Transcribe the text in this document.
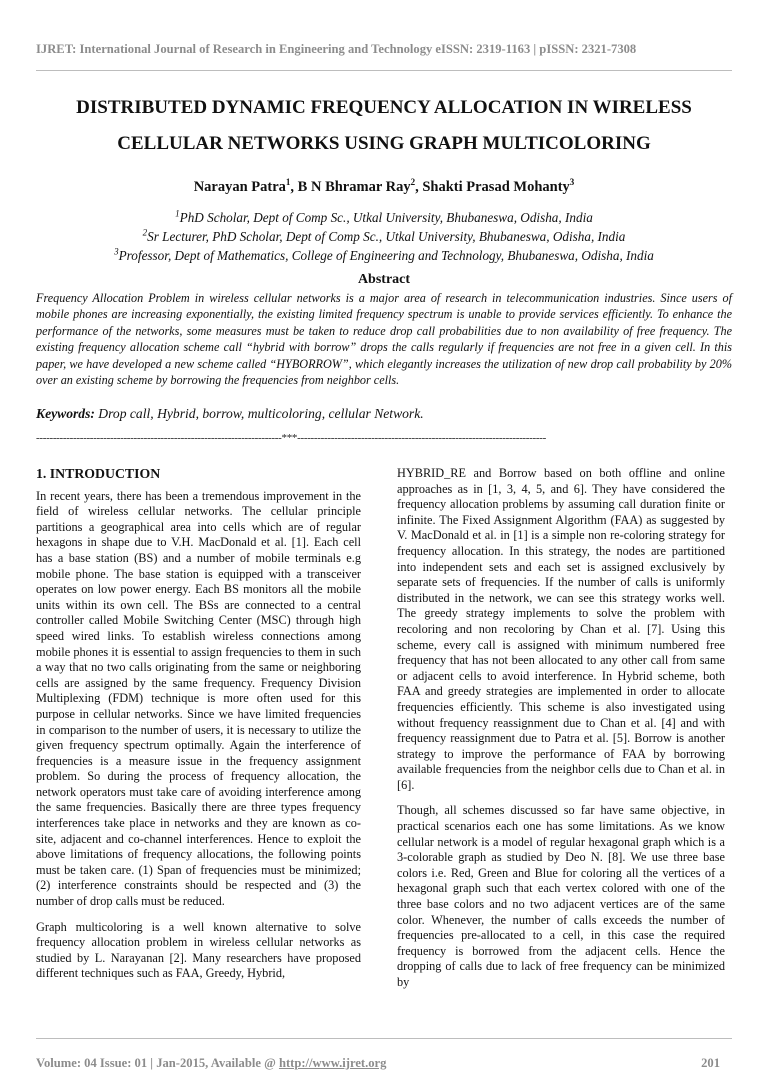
IJRET: International Journal of Research in Engineering and Technology eISSN: 2319-1163 | pISSN: 2321-7308
DISTRIBUTED DYNAMIC FREQUENCY ALLOCATION IN WIRELESS
CELLULAR NETWORKS USING GRAPH MULTICOLORING
Narayan Patra$^1$, B N Bhramar Ray$^2$, Shakti Prasad Mohanty$^3$
$^1$PhD Scholar, Dept of Comp Sc., Utkal University, Bhubaneswa, Odisha, India
$^2$Sr Lecturer, PhD Scholar, Dept of Comp Sc., Utkal University, Bhubaneswa, Odisha, India
$^3$Professor, Dept of Mathematics, College of Engineering and Technology, Bhubaneswa, Odisha, India
Abstract

Frequency Allocation Problem in wireless cellular networks is a major area of research in telecommunication industries. Since users of mobile phones are increasing exponentially, the existing limited frequency spectrum is unable to provide services efficiently. To enhance the performance of the networks, some measures must be taken to reduce drop call probabilities due to non availability of free frequency. The existing frequency allocation scheme call “hybrid with borrow” drops the calls regularly if frequencies are not free in a given cell. In this paper, we have developed a new scheme called “HYBORROW”, which elegantly increases the utilization of new drop call probability by 20% over an existing scheme by borrowing the frequencies from neighbor cells.

Keywords: Drop call, Hybrid, borrow, multicoloring, cellular Network.
-------------------------------------------------------------------------***--------------------------------------------------------------------------

1. INTRODUCTION

In recent years, there has been a tremendous improvement in the field of wireless cellular networks. The cellular principle partitions a geographical area into cells which are of regular hexagons in shape due to V.H. MacDonald et al. [1]. Each cell has a base station (BS) and a number of mobile terminals e.g mobile phone. The base station is equipped with a transceiver operates on low power energy. Each BS monitors all the mobile units within its own cell. The BSs are connected to a central controller called Mobile Switching Center (MSC) through high speed wired links. To establish wireless connections among mobile phones it is essential to assign frequencies to them in such a way that no two calls originating from the same or neighboring cells are assigned by the same frequency. Frequency Division Multiplexing (FDM) technique is more often used for this purpose in cellular networks. Since we have limited frequencies in comparison to the number of users, it is necessary to utilize the given frequency spectrum optimally. Again the interference of frequencies is a measure issue in the frequency assignment problem. So during the process of frequency allocation, the network operators must take care of avoiding interference among the same frequencies. Basically there are three types frequency interferences take place in networks and they are known as co-site, adjacent and co-channel interferences. Hence to exploit the above limitations of frequency allocations, the following points must be taken care. (1) Span of frequencies must be minimized; (2) interference constraints should be respected and (3) the number of drop calls must be reduced.

Graph multicoloring is a well known alternative to solve frequency allocation problem in wireless cellular networks as studied by L. Narayanan [2]. Many researchers have proposed different techniques such as FAA, Greedy, Hybrid,

HYBRID_RE and Borrow based on both offline and online approaches as in [1, 3, 4, 5, and 6]. They have considered the frequency allocation problems by assuming call duration finite or infinite. The Fixed Assignment Algorithm (FAA) as suggested by V. MacDonald et al. in [1] is a simple non re-coloring strategy for frequency allocation. In this strategy, the nodes are partitioned into independent sets and each set is assigned exclusively by separate sets of frequencies. If the number of calls is uniformly distributed in the network, we can see this strategy works well. The greedy strategy implements to solve the problem with recoloring and non recoloring by Chan et al. [7]. Using this scheme, every call is assigned with minimum numbered free frequency that has not been allocated to any other call from same or adjacent cells to avoid interference. In Hybrid scheme, both FAA and greedy strategies are implemented in order to allocate frequencies efficiently. This scheme is also investigated using without frequency reassignment due to Chan et al. [4] and with frequency reassignment due to Patra et al. [5]. Borrow is another strategy to improve the performance of FAA by borrowing available frequencies from the neighbor cells due to Chan et al. in [6].

Though, all schemes discussed so far have same objective, in practical scenarios each one has some limitations. As we know cellular network is a model of regular hexagonal graph which is a 3-colorable graph as studied by Deo N. [8]. We use three base colors i.e. Red, Green and Blue for coloring all the vertices of a hexagonal graph such that each vertex colored with one of the three base colors and no two adjacent vertices are of the same color. Whenever, the number of calls exceeds the number of frequencies pre-allocated to a cell, in this case the required frequency is borrowed from the adjacent cells. Hence the dropping of calls due to lack of free frequency can be minimized by

Volume: 04 Issue: 01 | Jan-2015, Available @ http://www.ijret.org	201
